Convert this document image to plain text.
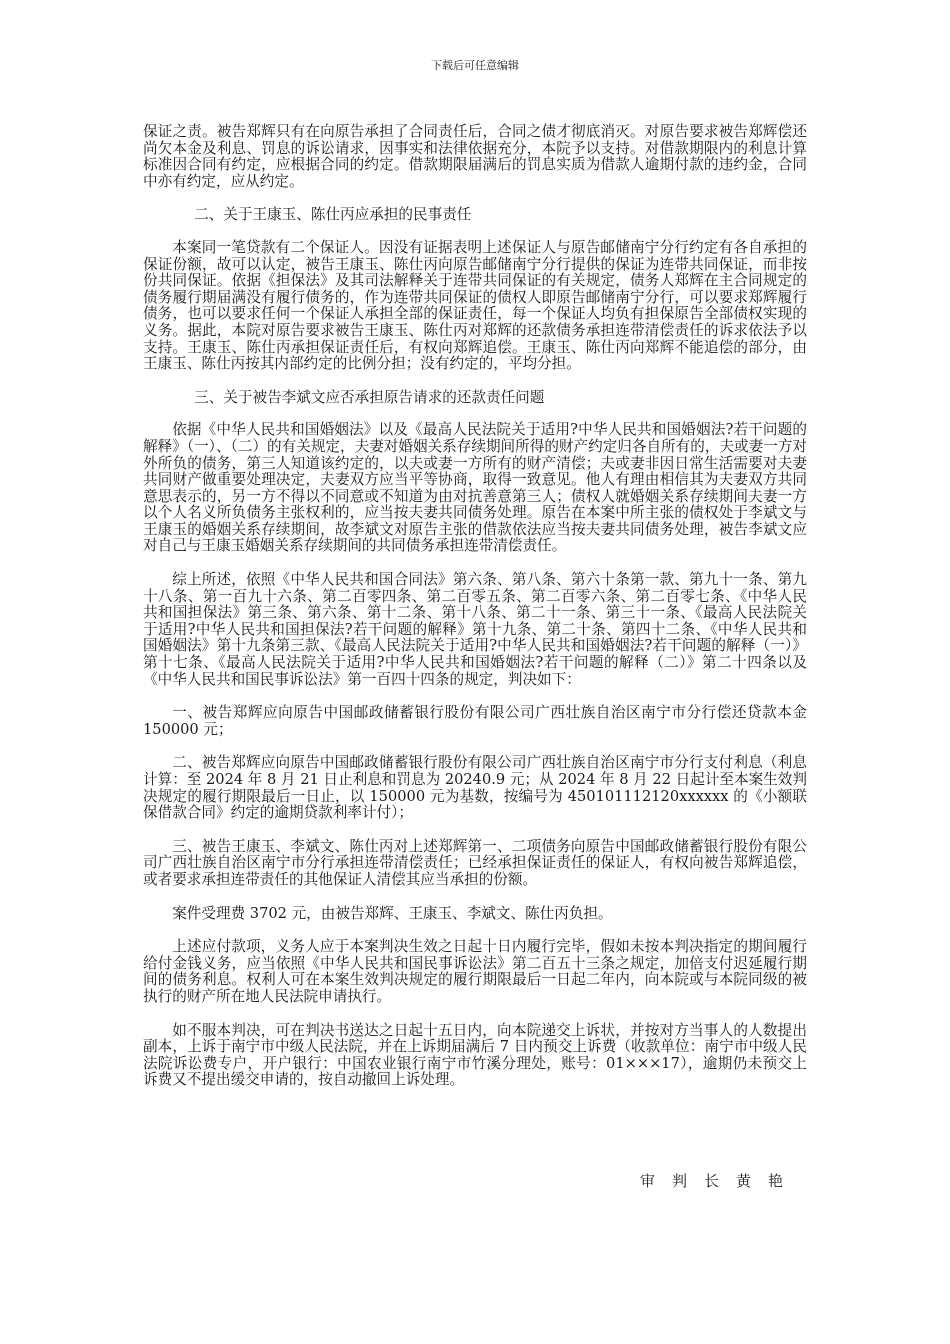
下载后可任意编辑

保证之责。被告郑辉只有在向原告承担了合同责任后，合同之债才彻底消灭。对原告要求被告郑辉偿还尚欠本金及利息、罚息的诉讼请求，因事实和法律依据充分，本院予以支持。对借款期限内的利息计算标准因合同有约定，应根据合同的约定。借款期限届满后的罚息实质为借款人逾期付款的违约金，合同中亦有约定，应从约定。

二、关于王康玉、陈仕丙应承担的民事责任

本案同一笔贷款有二个保证人。因没有证据表明上述保证人与原告邮储南宁分行约定有各自承担的保证份额，故可以认定，被告王康玉、陈仕丙向原告邮储南宁分行提供的保证为连带共同保证，而非按份共同保证。依据《担保法》及其司法解释关于连带共同保证的有关规定，债务人郑辉在主合同规定的债务履行期届满没有履行债务的，作为连带共同保证的债权人即原告邮储南宁分行，可以要求郑辉履行债务，也可以要求任何一个保证人承担全部的保证责任，每一个保证人均负有担保原告全部债权实现的义务。据此，本院对原告要求被告王康玉、陈仕丙对郑辉的还款债务承担连带清偿责任的诉求依法予以支持。王康玉、陈仕丙承担保证责任后，有权向郑辉追偿。王康玉、陈仕丙向郑辉不能追偿的部分，由王康玉、陈仕丙按其内部约定的比例分担；没有约定的，平均分担。

三、关于被告李斌文应否承担原告请求的还款责任问题

依据《中华人民共和国婚姻法》以及《最高人民法院关于适用?中华人民共和国婚姻法?若干问题的解释》（一）、（二）的有关规定，夫妻对婚姻关系存续期间所得的财产约定归各自所有的，夫或妻一方对外所负的债务，第三人知道该约定的，以夫或妻一方所有的财产清偿；夫或妻非因日常生活需要对夫妻共同财产做重要处理决定，夫妻双方应当平等协商，取得一致意见。他人有理由相信其为夫妻双方共同意思表示的，另一方不得以不同意或不知道为由对抗善意第三人；债权人就婚姻关系存续期间夫妻一方以个人名义所负债务主张权利的，应当按夫妻共同债务处理。原告在本案中所主张的债权处于李斌文与王康玉的婚姻关系存续期间，故李斌文对原告主张的借款依法应当按夫妻共同债务处理，被告李斌文应对自己与王康玉婚姻关系存续期间的共同债务承担连带清偿责任。

综上所述，依照《中华人民共和国合同法》第六条、第八条、第六十条第一款、第九十一条、第九十八条、第一百九十六条、第二百零四条、第二百零五条、第二百零六条、第二百零七条、《中华人民共和国担保法》第三条、第六条、第十二条、第十八条、第二十一条、第三十一条、《最高人民法院关于适用?中华人民共和国担保法?若干问题的解释》第十九条、第二十条、第四十二条、《中华人民共和国婚姻法》第十九条第三款、《最高人民法院关于适用?中华人民共和国婚姻法?若干问题的解释（一）》第十七条、《最高人民法院关于适用?中华人民共和国婚姻法?若干问题的解释（二）》第二十四条以及《中华人民共和国民事诉讼法》第一百四十四条的规定，判决如下：

一、被告郑辉应向原告中国邮政储蓄银行股份有限公司广西壮族自治区南宁市分行偿还贷款本金 150000 元；

二、被告郑辉应向原告中国邮政储蓄银行股份有限公司广西壮族自治区南宁市分行支付利息（利息计算：至 2024 年 8 月 21 日止利息和罚息为 20240.9 元；从 2024 年 8 月 22 日起计至本案生效判决规定的履行期限最后一日止，以 150000 元为基数，按编号为 450101112120xxxxxx 的《小额联保借款合同》约定的逾期贷款利率计付）；

三、被告王康玉、李斌文、陈仕丙对上述郑辉第一、二项债务向原告中国邮政储蓄银行股份有限公司广西壮族自治区南宁市分行承担连带清偿责任；已经承担保证责任的保证人，有权向被告郑辉追偿，或者要求承担连带责任的其他保证人清偿其应当承担的份额。

案件受理费 3702 元，由被告郑辉、王康玉、李斌文、陈仕丙负担。

上述应付款项，义务人应于本案判决生效之日起十日内履行完毕，假如未按本判决指定的期间履行给付金钱义务，应当依照《中华人民共和国民事诉讼法》第二百五十三条之规定，加倍支付迟延履行期间的债务利息。权利人可在本案生效判决规定的履行期限最后一日起二年内，向本院或与本院同级的被执行的财产所在地人民法院申请执行。

如不服本判决，可在判决书送达之日起十五日内，向本院递交上诉状，并按对方当事人的人数提出副本，上诉于南宁市中级人民法院，并在上诉期届满后 7 日内预交上诉费（收款单位：南宁市中级人民法院诉讼费专户，开户银行：中国农业银行南宁市竹溪分理处，账号：01×××17），逾期仍未预交上诉费又不提出缓交申请的，按自动撤回上诉处理。

审判长黄艳
